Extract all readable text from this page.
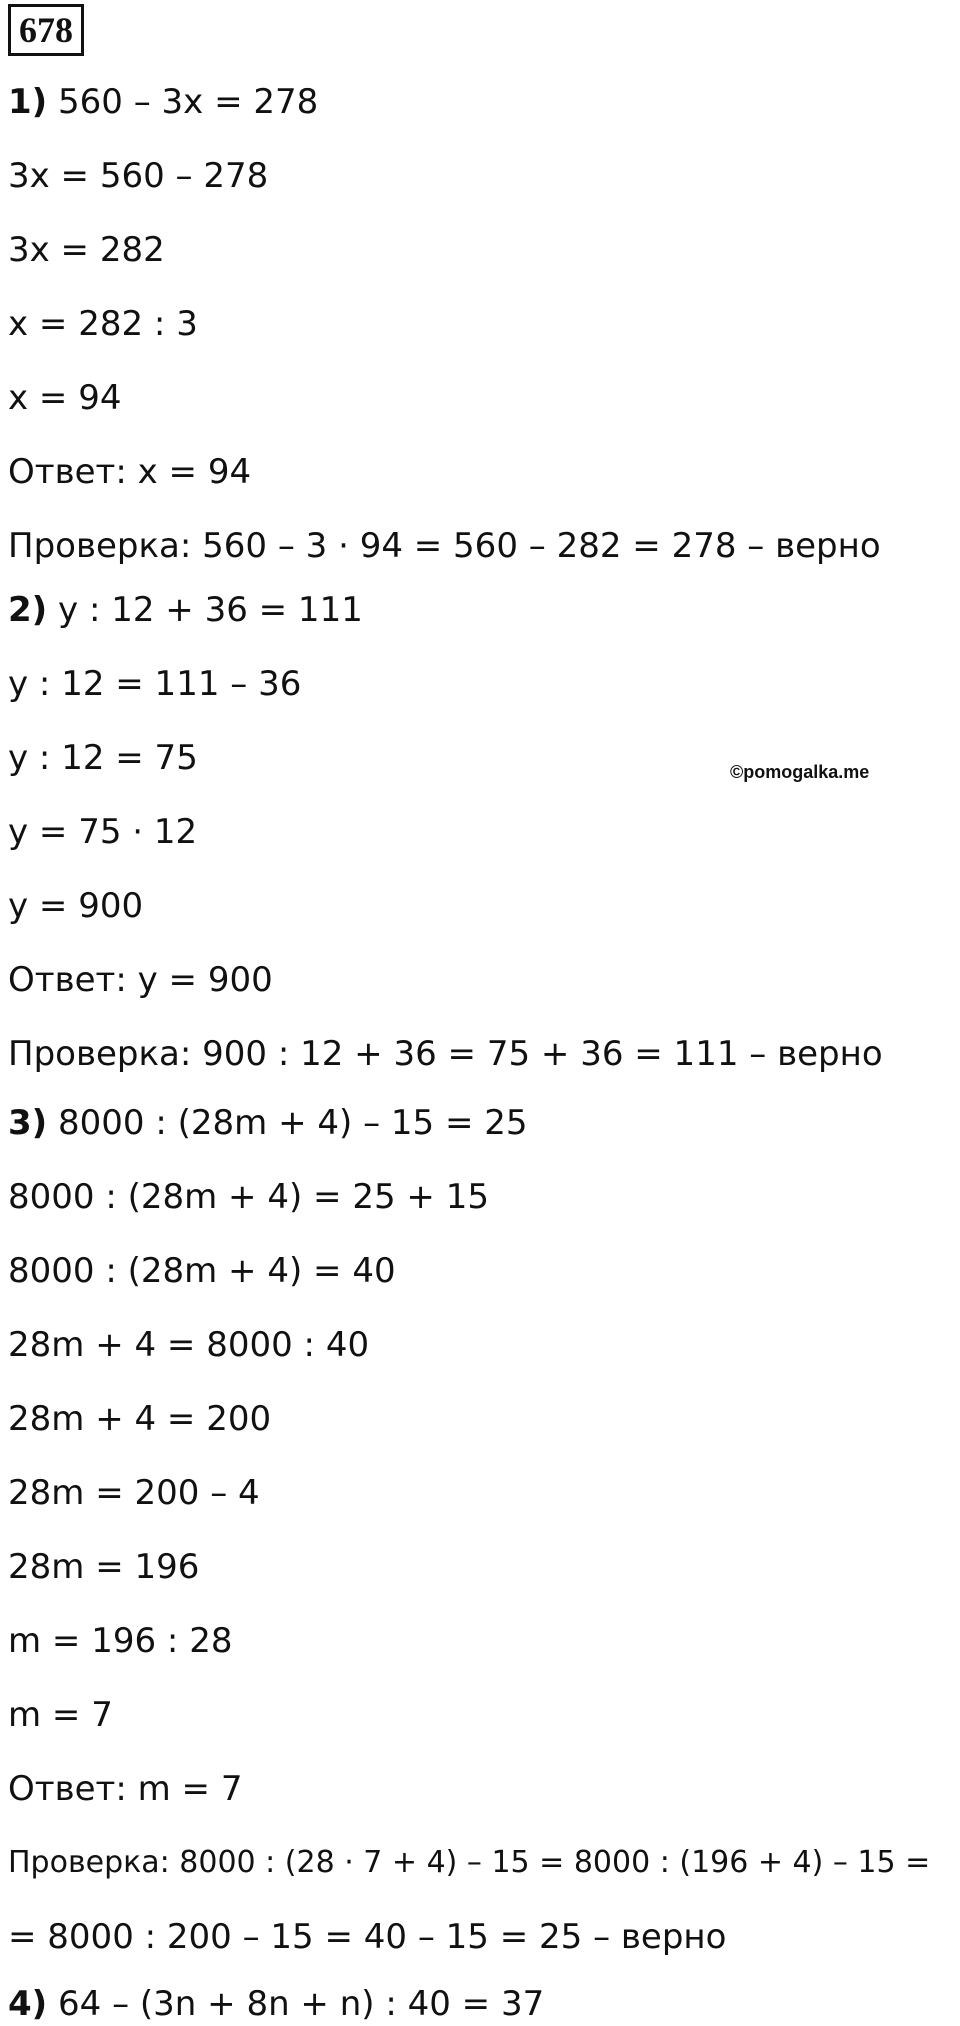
678
1) 560 – 3x = 278
3x = 560 – 278
3x = 282
x = 282 : 3
x = 94
Ответ: x = 94
Проверка: 560 – 3 · 94 = 560 – 282 = 278 – верно
2) y : 12 + 36 = 111
y : 12 = 111 – 36
y : 12 = 75
y = 75 · 12
y = 900
Ответ: y = 900
Проверка: 900 : 12 + 36 = 75 + 36 = 111 – верно
3) 8000 : (28m + 4) – 15 = 25
8000 : (28m + 4) = 25 + 15
8000 : (28m + 4) = 40
28m + 4 = 8000 : 40
28m + 4 = 200
28m = 200 – 4
28m = 196
m = 196 : 28
m = 7
Ответ: m = 7
Проверка: 8000 : (28 · 7 + 4) – 15 = 8000 : (196 + 4) – 15 =
= 8000 : 200 – 15 = 40 – 15 = 25 – верно
4) 64 – (3n + 8n + n) : 40 = 37
©pomogalka.me
